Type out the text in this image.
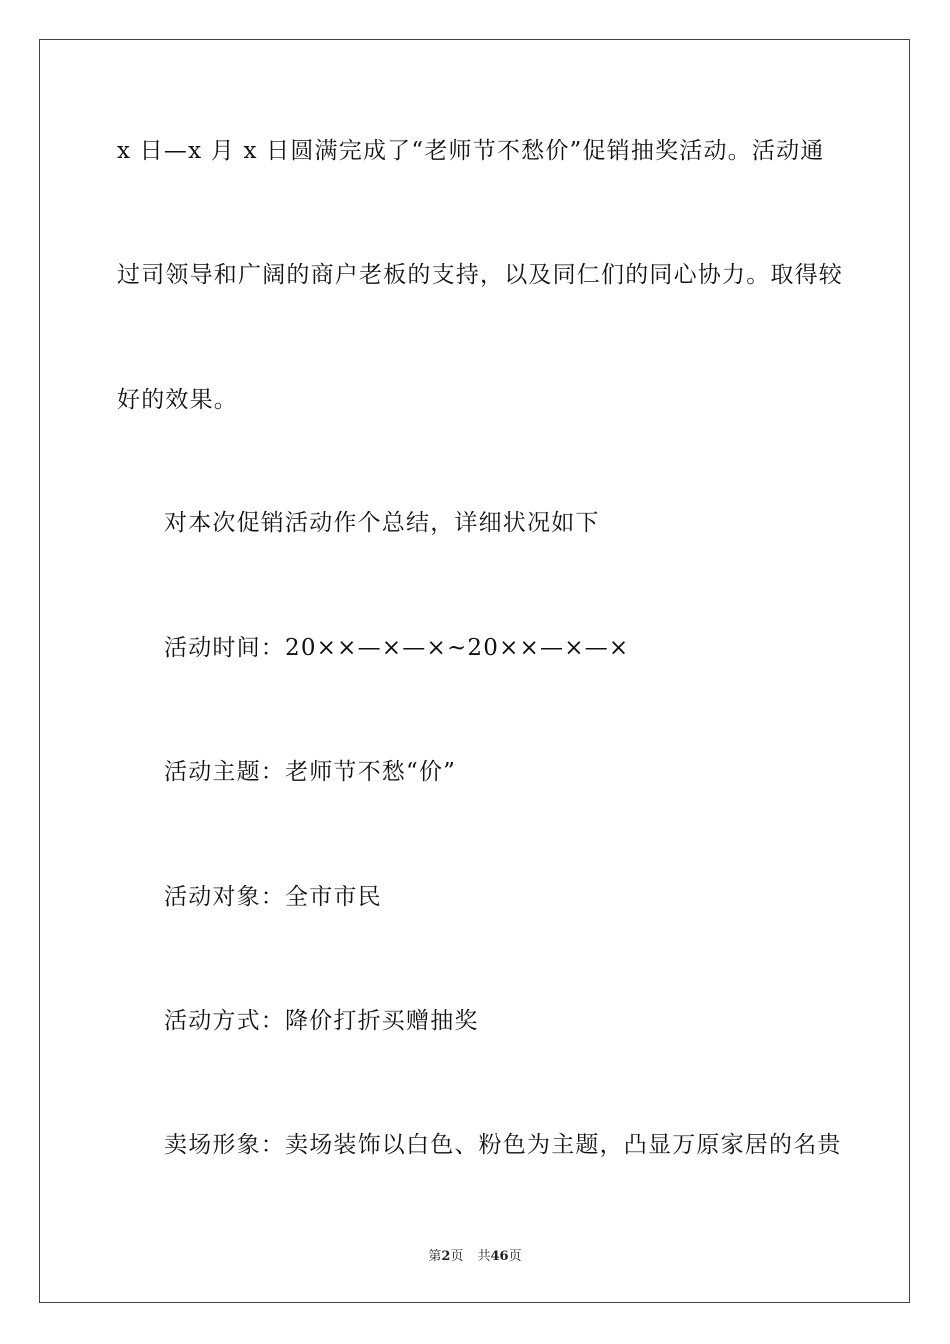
x 日—x 月 x 日圆满完成了“老师节不愁价”促销抽奖活动。活动通
过司领导和广阔的商户老板的支持，以及同仁们的同心协力。取得较
好的效果。
对本次促销活动作个总结，详细状况如下
活动时间：20××—×—×~20××—×—×
活动主题：老师节不愁“价”
活动对象：全市市民
活动方式：降价打折买赠抽奖
卖场形象：卖场装饰以白色、粉色为主题，凸显万原家居的名贵
第2页 共46页
